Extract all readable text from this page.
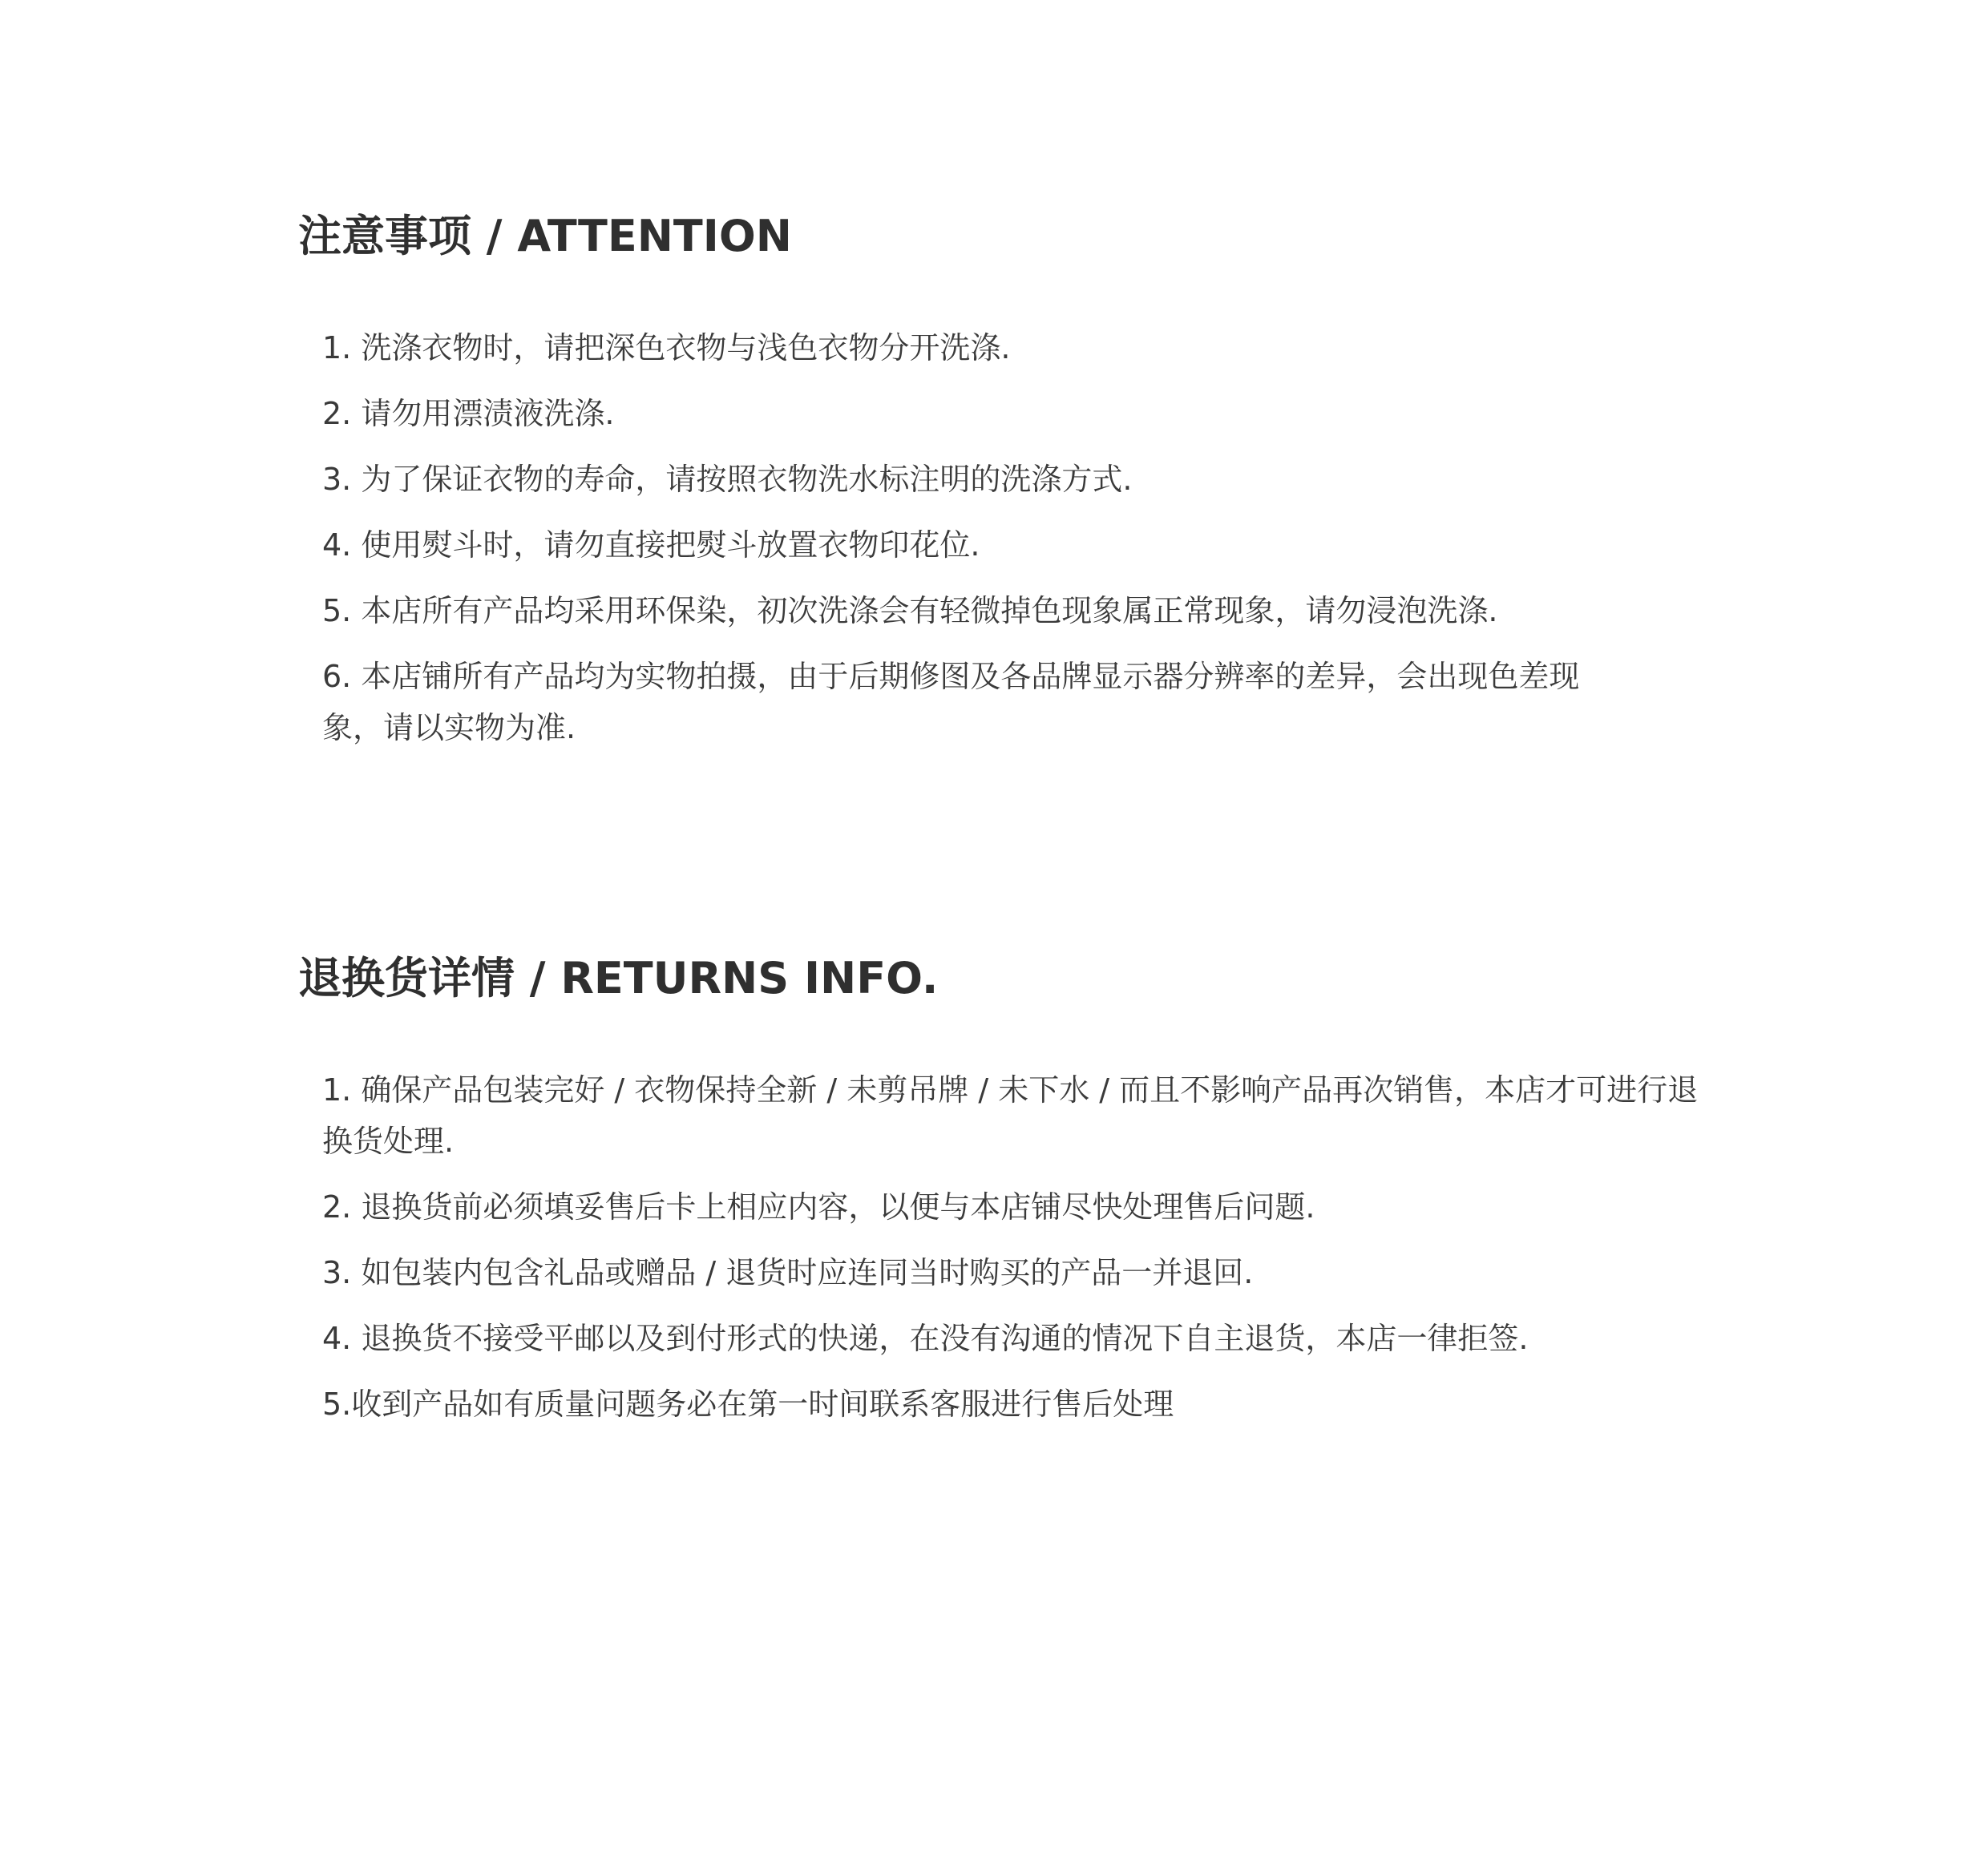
注意事项 / ATTENTION
1. 洗涤衣物时，请把深色衣物与浅色衣物分开洗涤.
2. 请勿用漂渍液洗涤.
3. 为了保证衣物的寿命，请按照衣物洗水标注明的洗涤方式.
4. 使用熨斗时，请勿直接把熨斗放置衣物印花位.
5. 本店所有产品均采用环保染，初次洗涤会有轻微掉色现象属正常现象，请勿浸泡洗涤.
6. 本店铺所有产品均为实物拍摄，由于后期修图及各品牌显示器分辨率的差异，会出现色差现象，请以实物为准.
退换货详情 / RETURNS INFO.
1. 确保产品包装完好 / 衣物保持全新 / 未剪吊牌 / 未下水 / 而且不影响产品再次销售，本店才可进行退换货处理.
2. 退换货前必须填妥售后卡上相应内容，以便与本店铺尽快处理售后问题.
3. 如包装内包含礼品或赠品 / 退货时应连同当时购买的产品一并退回.
4. 退换货不接受平邮以及到付形式的快递，在没有沟通的情况下自主退货，本店一律拒签.
5.收到产品如有质量问题务必在第一时间联系客服进行售后处理
